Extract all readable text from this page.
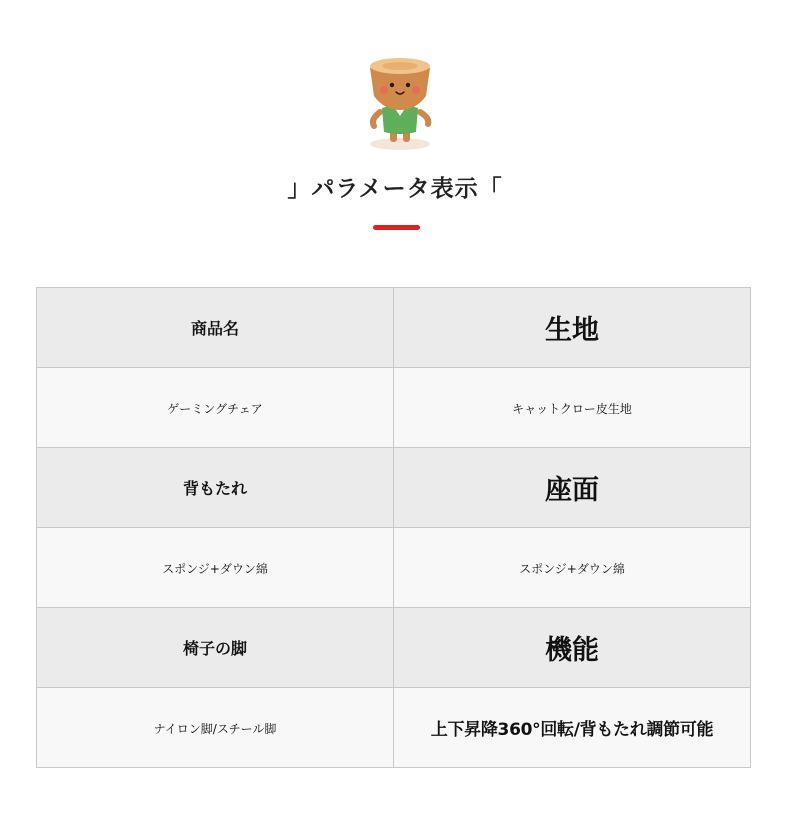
」パラメータ表示「
商品名	生地
ゲーミングチェア	キャットクロー皮生地
背もたれ	座面
スポンジ+ダウン綿	スポンジ+ダウン綿
椅子の脚	機能
ナイロン脚/スチール脚	上下昇降360°回転/背もたれ調節可能
